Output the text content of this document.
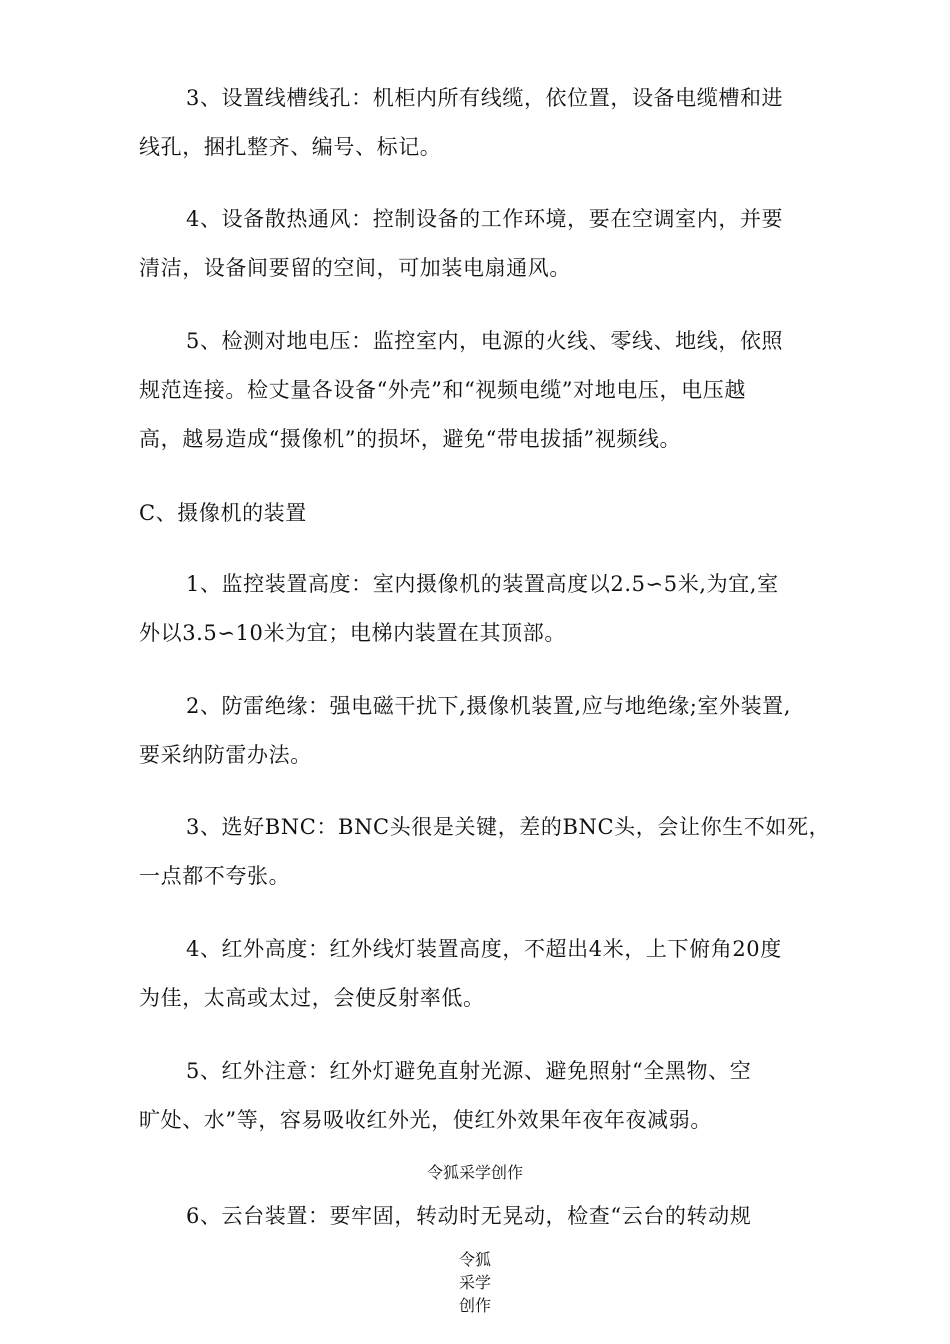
3、设置线槽线孔：机柜内所有线缆，依位置，设备电缆槽和进
线孔，捆扎整齐、编号、标记。

4、设备散热通风：控制设备的工作环境，要在空调室内，并要
清洁，设备间要留的空间，可加装电扇通风。

5、检测对地电压：监控室内，电源的火线、零线、地线，依照
规范连接。检丈量各设备“外壳”和“视频电缆”对地电压，电压越
高，越易造成“摄像机”的损坏，避免“带电拔插”视频线。

C、摄像机的装置

1、监控装置高度：室内摄像机的装置高度以2.5∽5米,为宜,室
外以3.5∽10米为宜；电梯内装置在其顶部。

2、防雷绝缘：强电磁干扰下,摄像机装置,应与地绝缘;室外装置,
要采纳防雷办法。

3、选好BNC：BNC头很是关键，差的BNC头，会让你生不如死，
一点都不夸张。

4、红外高度：红外线灯装置高度，不超出4米，上下俯角20度
为佳，太高或太过，会使反射率低。

5、红外注意：红外灯避免直射光源、避免照射“全黑物、空
旷处、水”等，容易吸收红外光，使红外效果年夜年夜减弱。

令狐采学创作

6、云台装置：要牢固，转动时无晃动，检查“云台的转动规

令狐
采学
创作
